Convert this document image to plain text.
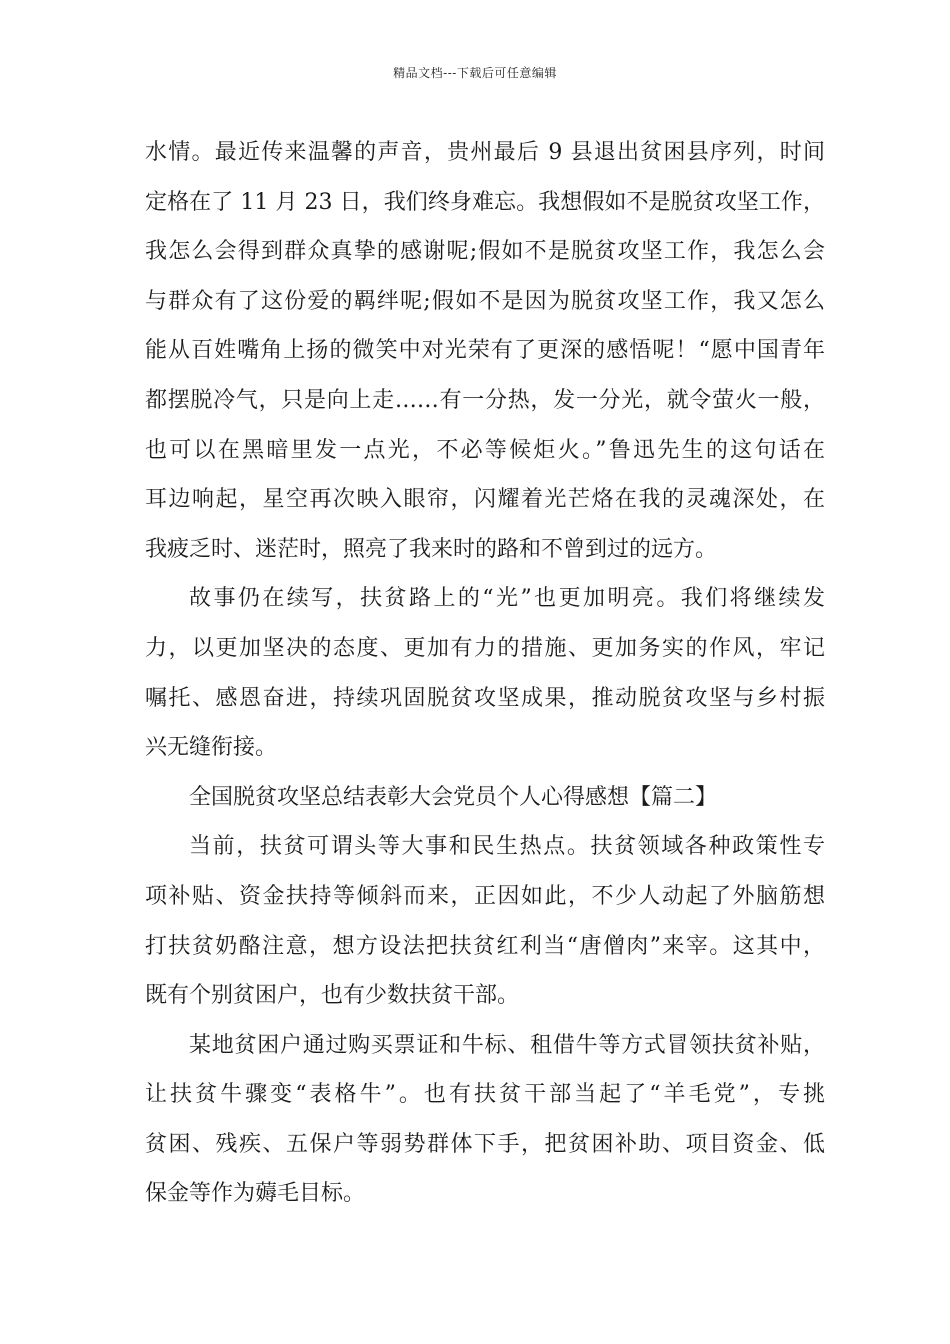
精品文档---下载后可任意编辑
水情。最近传来温馨的声音，贵州最后 9 县退出贫困县序列，时间
定格在了 11 月 23 日，我们终身难忘。我想假如不是脱贫攻坚工作，
我怎么会得到群众真挚的感谢呢;假如不是脱贫攻坚工作，我怎么会
与群众有了这份爱的羁绊呢;假如不是因为脱贫攻坚工作，我又怎么
能从百姓嘴角上扬的微笑中对光荣有了更深的感悟呢！“愿中国青年
都摆脱冷气，只是向上走……有一分热，发一分光，就令萤火一般，
也可以在黑暗里发一点光，不必等候炬火。”鲁迅先生的这句话在
耳边响起，星空再次映入眼帘，闪耀着光芒烙在我的灵魂深处，在
我疲乏时、迷茫时，照亮了我来时的路和不曾到过的远方。
故事仍在续写，扶贫路上的“光”也更加明亮。我们将继续发
力，以更加坚决的态度、更加有力的措施、更加务实的作风，牢记
嘱托、感恩奋进，持续巩固脱贫攻坚成果，推动脱贫攻坚与乡村振
兴无缝衔接。
全国脱贫攻坚总结表彰大会党员个人心得感想【篇二】
当前，扶贫可谓头等大事和民生热点。扶贫领域各种政策性专
项补贴、资金扶持等倾斜而来，正因如此，不少人动起了外脑筋想
打扶贫奶酪注意，想方设法把扶贫红利当“唐僧肉”来宰。这其中，
既有个别贫困户，也有少数扶贫干部。
某地贫困户通过购买票证和牛标、租借牛等方式冒领扶贫补贴，
让扶贫牛骤变“表格牛”。也有扶贫干部当起了“羊毛党”，专挑
贫困、残疾、五保户等弱势群体下手，把贫困补助、项目资金、低
保金等作为薅毛目标。
